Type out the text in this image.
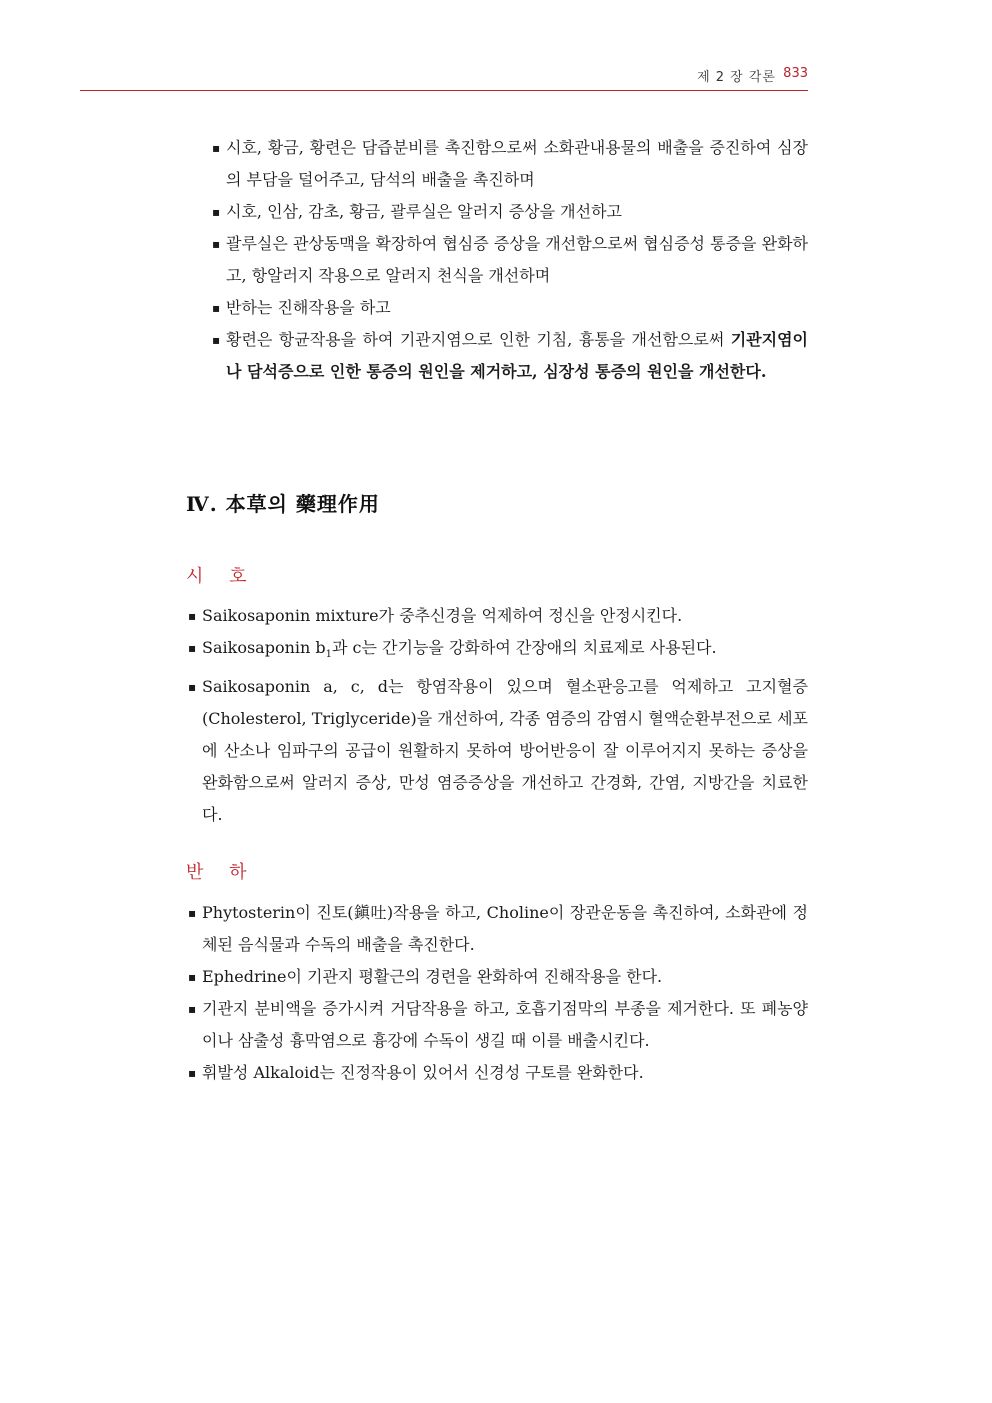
제 2 장 각론 833
▪ 시호, 황금, 황련은 담즙분비를 촉진함으로써 소화관내용물의 배출을 증진하여 심장의 부담을 덜어주고, 담석의 배출을 촉진하며
▪ 시호, 인삼, 감초, 황금, 괄루실은 알러지 증상을 개선하고
▪ 괄루실은 관상동맥을 확장하여 협심증 증상을 개선함으로써 협심증성 통증을 완화하고, 항알러지 작용으로 알러지 천식을 개선하며
▪ 반하는 진해작용을 하고
▪ 황련은 항균작용을 하여 기관지염으로 인한 기침, 흉통을 개선함으로써 기관지염이나 담석증으로 인한 통증의 원인을 제거하고, 심장성 통증의 원인을 개선한다.
Ⅳ. 本草의 藥理作用
시 호
▪ Saikosaponin mixture가 중추신경을 억제하여 정신을 안정시킨다.
▪ Saikosaponin $b_1$과 c는 간기능을 강화하여 간장애의 치료제로 사용된다.
▪ Saikosaponin a, c, d는 항염작용이 있으며 혈소판응고를 억제하고 고지혈증(Cholesterol, Triglyceride)을 개선하여, 각종 염증의 감염시 혈액순환부전으로 세포에 산소나 임파구의 공급이 원활하지 못하여 방어반응이 잘 이루어지지 못하는 증상을 완화함으로써 알러지 증상, 만성 염증증상을 개선하고 간경화, 간염, 지방간을 치료한다.
반 하
▪ Phytosterin이 진토(鎭吐)작용을 하고, Choline이 장관운동을 촉진하여, 소화관에 정체된 음식물과 수독의 배출을 촉진한다.
▪ Ephedrine이 기관지 평활근의 경련을 완화하여 진해작용을 한다.
▪ 기관지 분비액을 증가시켜 거담작용을 하고, 호흡기점막의 부종을 제거한다. 또 폐농양이나 삼출성 흉막염으로 흉강에 수독이 생길 때 이를 배출시킨다.
▪ 휘발성 Alkaloid는 진정작용이 있어서 신경성 구토를 완화한다.
